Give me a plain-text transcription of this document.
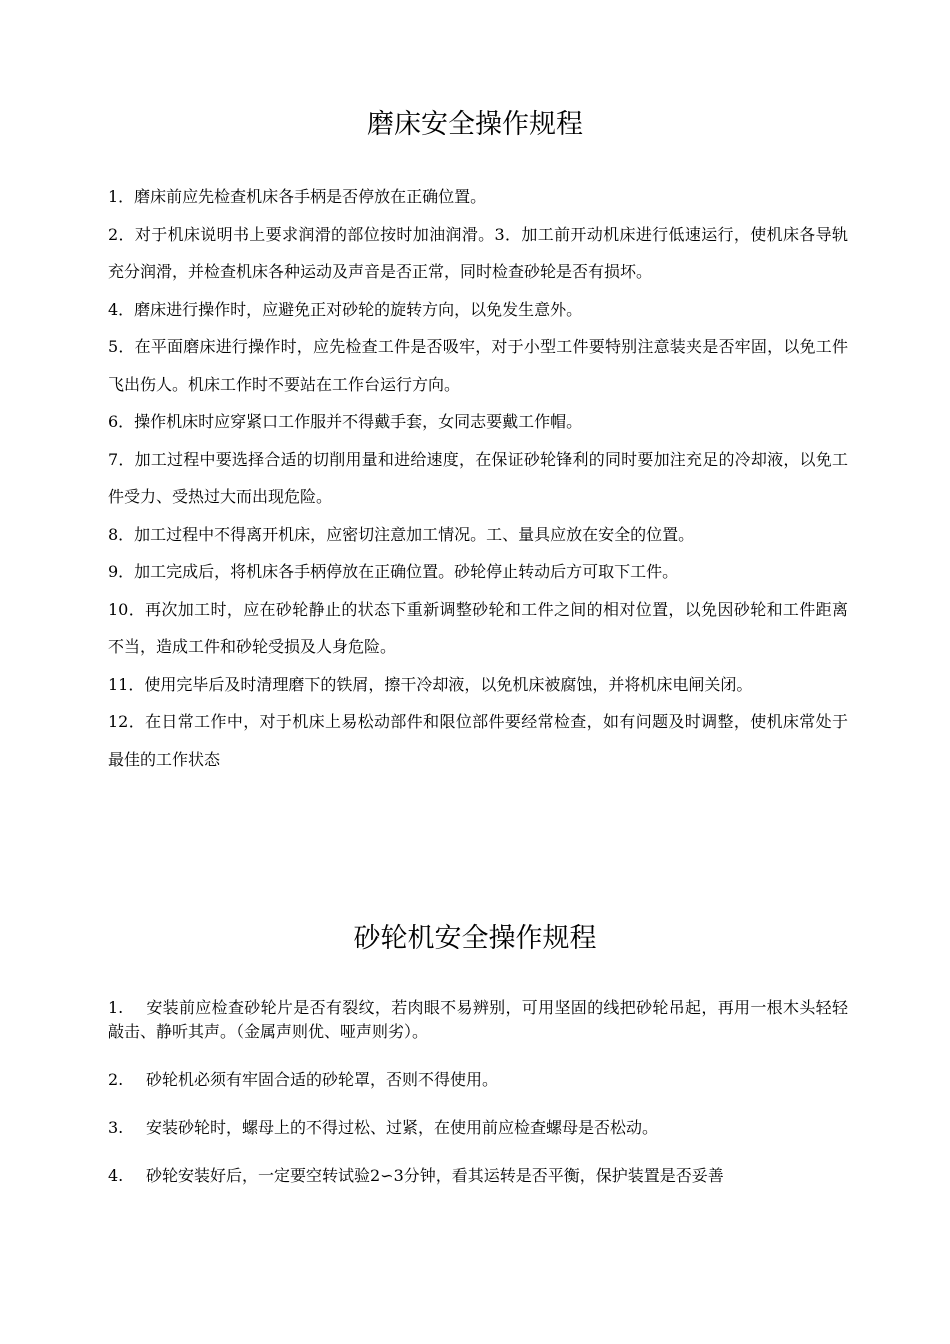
磨床安全操作规程

1．磨床前应先检查机床各手柄是否停放在正确位置。

2．对于机床说明书上要求润滑的部位按时加油润滑。3．加工前开动机床进行低速运行，使机床各导轨充分润滑，并检查机床各种运动及声音是否正常，同时检查砂轮是否有损坏。

4．磨床进行操作时，应避免正对砂轮的旋转方向，以免发生意外。

5．在平面磨床进行操作时，应先检查工件是否吸牢，对于小型工件要特别注意装夹是否牢固，以免工件飞出伤人。机床工作时不要站在工作台运行方向。

6．操作机床时应穿紧口工作服并不得戴手套，女同志要戴工作帽。

7．加工过程中要选择合适的切削用量和进给速度，在保证砂轮锋利的同时要加注充足的冷却液，以免工件受力、受热过大而出现危险。

8．加工过程中不得离开机床，应密切注意加工情况。工、量具应放在安全的位置。

9．加工完成后，将机床各手柄停放在正确位置。砂轮停止转动后方可取下工件。

10．再次加工时，应在砂轮静止的状态下重新调整砂轮和工件之间的相对位置，以免因砂轮和工件距离不当，造成工件和砂轮受损及人身危险。

11．使用完毕后及时清理磨下的铁屑，擦干冷却液，以免机床被腐蚀，并将机床电闸关闭。

12．在日常工作中，对于机床上易松动部件和限位部件要经常检查，如有问题及时调整，使机床常处于最佳的工作状态

砂轮机安全操作规程

1. 安装前应检查砂轮片是否有裂纹，若肉眼不易辨别，可用坚固的线把砂轮吊起，再用一根木头轻轻敲击、静听其声。（金属声则优、哑声则劣）。

2. 砂轮机必须有牢固合适的砂轮罩，否则不得使用。

3. 安装砂轮时，螺母上的不得过松、过紧，在使用前应检查螺母是否松动。

4. 砂轮安装好后，一定要空转试验2∽3分钟，看其运转是否平衡，保护装置是否妥善
